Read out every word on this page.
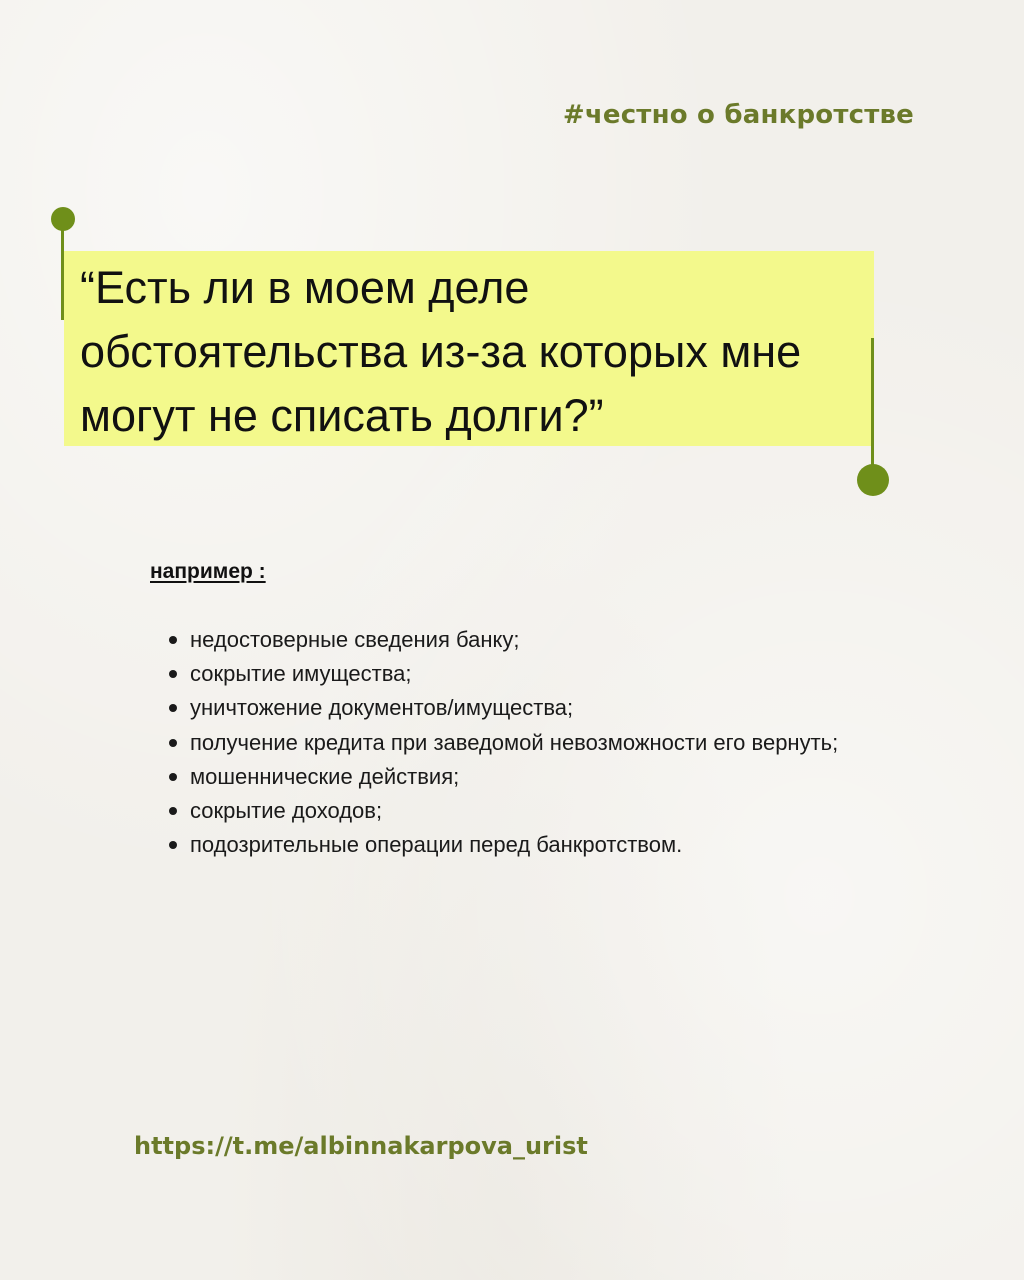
#честно о банкротстве

“Есть ли в моем деле
обстоятельства из-за которых мне
могут не списать долги?”

например :
недостоверные сведения банку;
сокрытие имущества;
уничтожение документов/имущества;
получение кредита при заведомой невозможности его вернуть;
мошеннические действия;
сокрытие доходов;
подозрительные операции перед банкротством.
https://t.me/albinnakarpova_urist
